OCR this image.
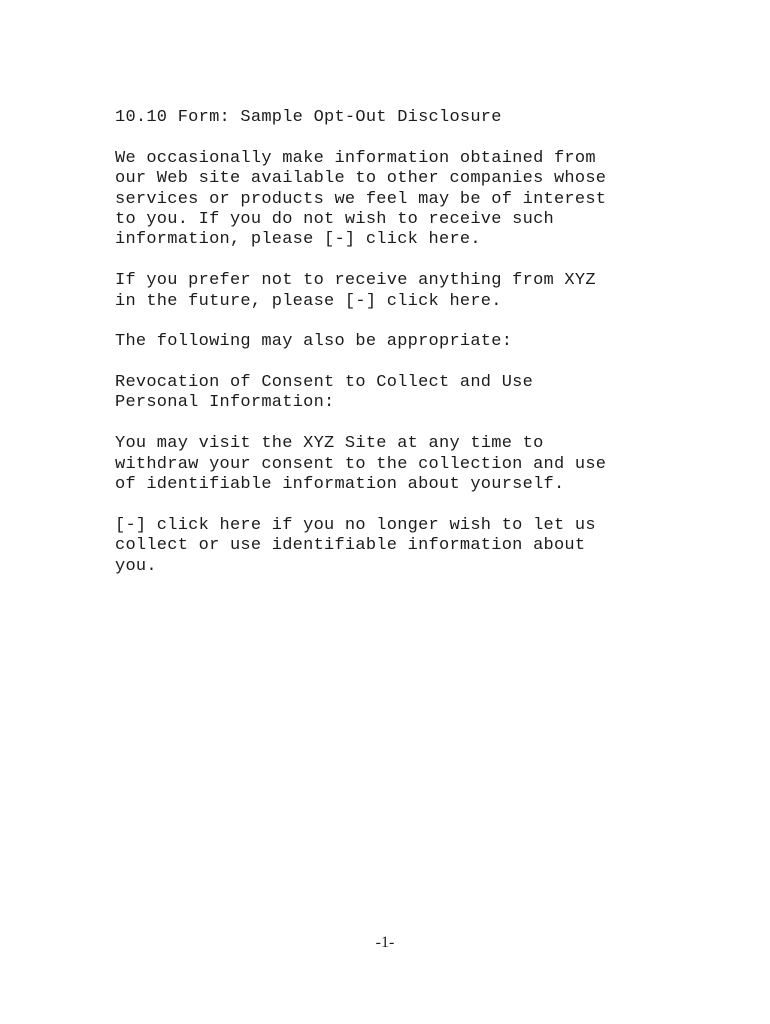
10.10 Form: Sample Opt-Out Disclosure
We occasionally make information obtained from
our Web site available to other companies whose
services or products we feel may be of interest
to you. If you do not wish to receive such
information, please [-] click here.
If you prefer not to receive anything from XYZ
in the future, please [-] click here.
The following may also be appropriate:
Revocation of Consent to Collect and Use
Personal Information:
You may visit the XYZ Site at any time to
withdraw your consent to the collection and use
of identifiable information about yourself.
[-] click here if you no longer wish to let us
collect or use identifiable information about
you.
-1-
